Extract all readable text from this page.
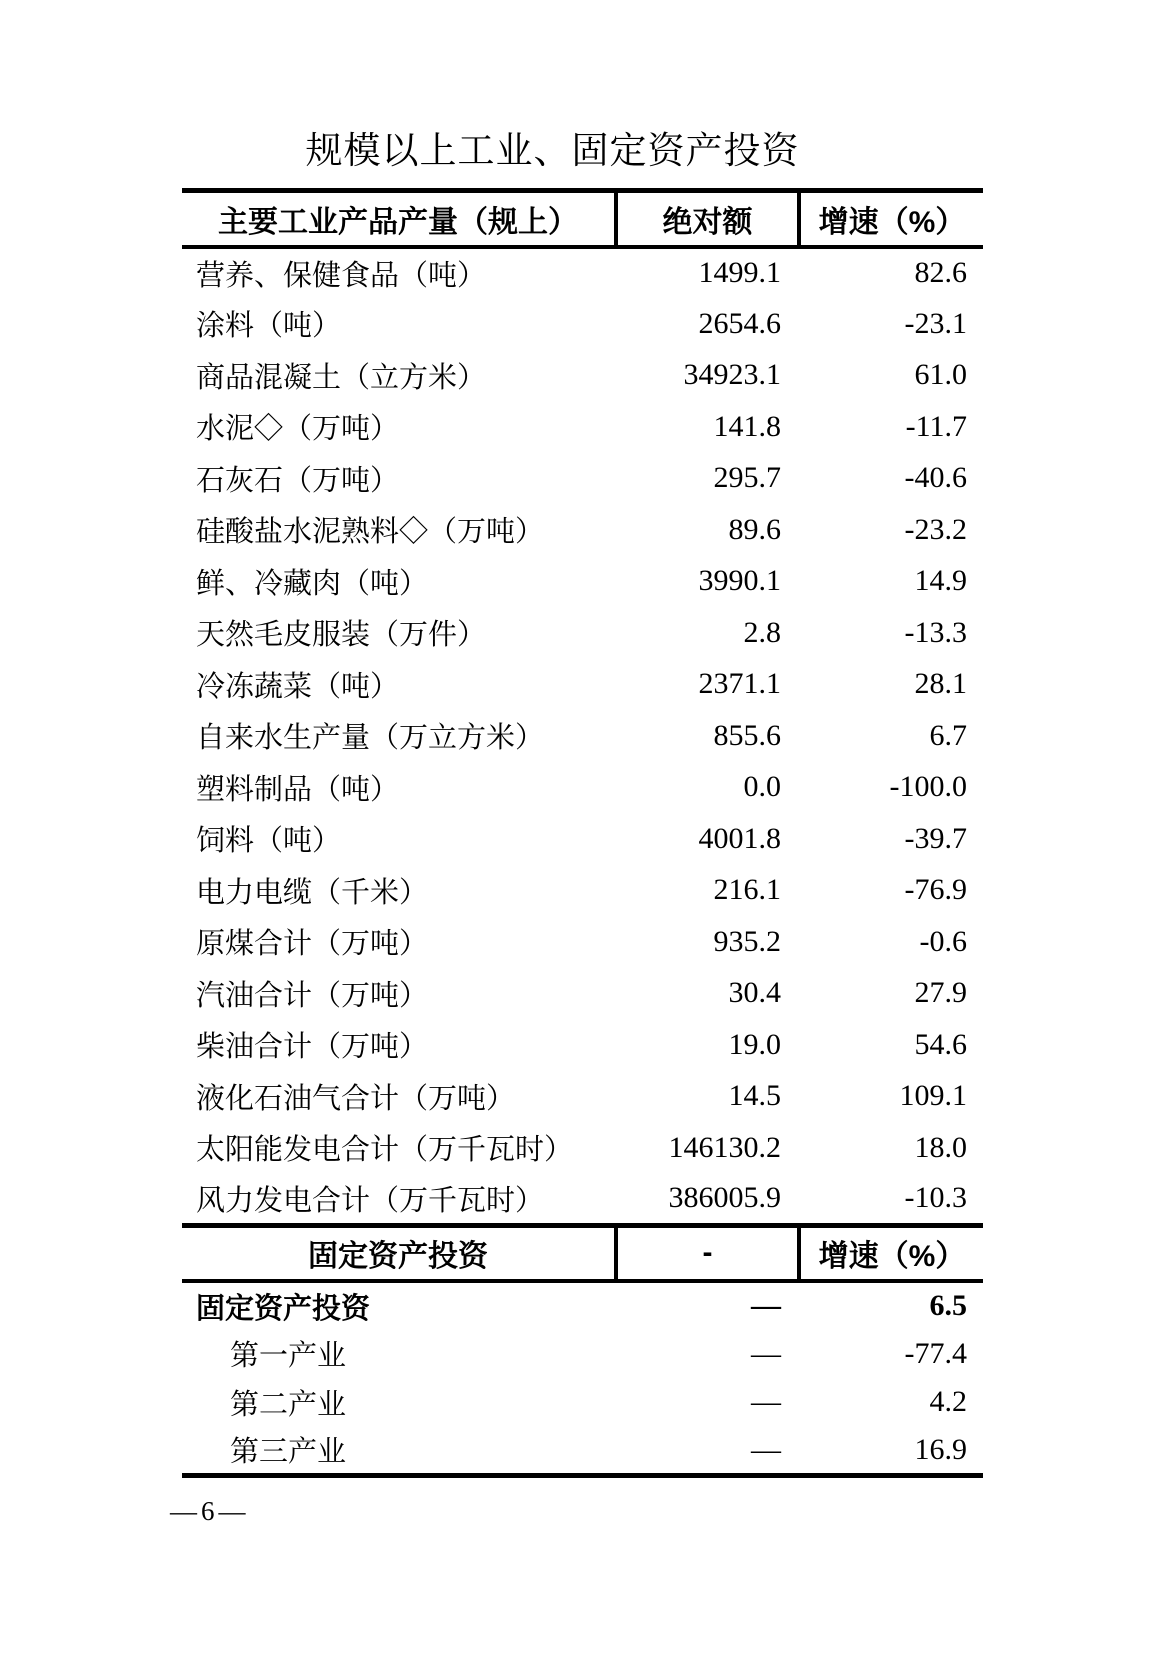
规模以上工业、固定资产投资
主要工业产品产量（规上）	绝对额	增速（%）
营养、保健食品（吨）	1499.1	82.6
涂料（吨）	2654.6	-23.1
商品混凝土（立方米）	34923.1	61.0
水泥◇（万吨）	141.8	-11.7
石灰石（万吨）	295.7	-40.6
硅酸盐水泥熟料◇（万吨）	89.6	-23.2
鲜、冷藏肉（吨）	3990.1	14.9
天然毛皮服装（万件）	2.8	-13.3
冷冻蔬菜（吨）	2371.1	28.1
自来水生产量（万立方米）	855.6	6.7
塑料制品（吨）	0.0	-100.0
饲料（吨）	4001.8	-39.7
电力电缆（千米）	216.1	-76.9
原煤合计（万吨）	935.2	-0.6
汽油合计（万吨）	30.4	27.9
柴油合计（万吨）	19.0	54.6
液化石油气合计（万吨）	14.5	109.1
太阳能发电合计（万千瓦时）	146130.2	18.0
风力发电合计（万千瓦时）	386005.9	-10.3
固定资产投资	-	增速（%）
固定资产投资	—	6.5
第一产业	—	-77.4
第二产业	—	4.2
第三产业	—	16.9
—6—
